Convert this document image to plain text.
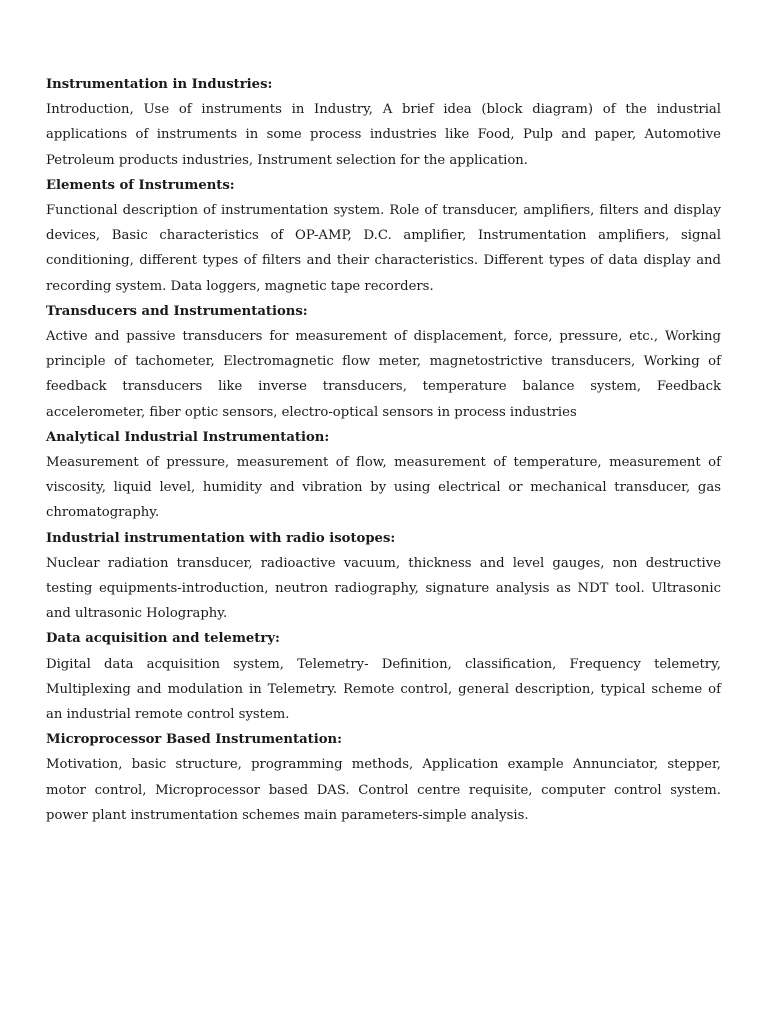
Instrumentation in Industries:

Introduction, Use of instruments in Industry, A brief idea (block diagram) of the industrial applications of instruments in some process industries like Food, Pulp and paper, Automotive Petroleum products industries, Instrument selection for the application.

Elements of Instruments:

Functional description of instrumentation system. Role of transducer, amplifiers, filters and display devices, Basic characteristics of OP-AMP, D.C. amplifier, Instrumentation amplifiers, signal conditioning, different types of filters and their characteristics. Different types of data display and recording system. Data loggers, magnetic tape recorders.

Transducers and Instrumentations:

Active and passive transducers for measurement of displacement, force, pressure, etc., Working principle of tachometer, Electromagnetic flow meter, magnetostrictive transducers, Working of feedback transducers like inverse transducers, temperature balance system, Feedback accelerometer, fiber optic sensors, electro-optical sensors in process industries

Analytical Industrial Instrumentation:

Measurement of pressure, measurement of flow, measurement of temperature, measurement of viscosity, liquid level, humidity and vibration by using electrical or mechanical transducer, gas chromatography.

Industrial instrumentation with radio isotopes:

Nuclear radiation transducer, radioactive vacuum, thickness and level gauges, non destructive testing equipments-introduction, neutron radiography, signature analysis as NDT tool. Ultrasonic and ultrasonic Holography.

Data acquisition and telemetry:

Digital data acquisition system, Telemetry- Definition, classification, Frequency telemetry, Multiplexing and modulation in Telemetry. Remote control, general description, typical scheme of an industrial remote control system.

Microprocessor Based Instrumentation:

Motivation, basic structure, programming methods, Application example Annunciator, stepper, motor control, Microprocessor based DAS. Control centre requisite, computer control system. power plant instrumentation schemes main parameters-simple analysis.
